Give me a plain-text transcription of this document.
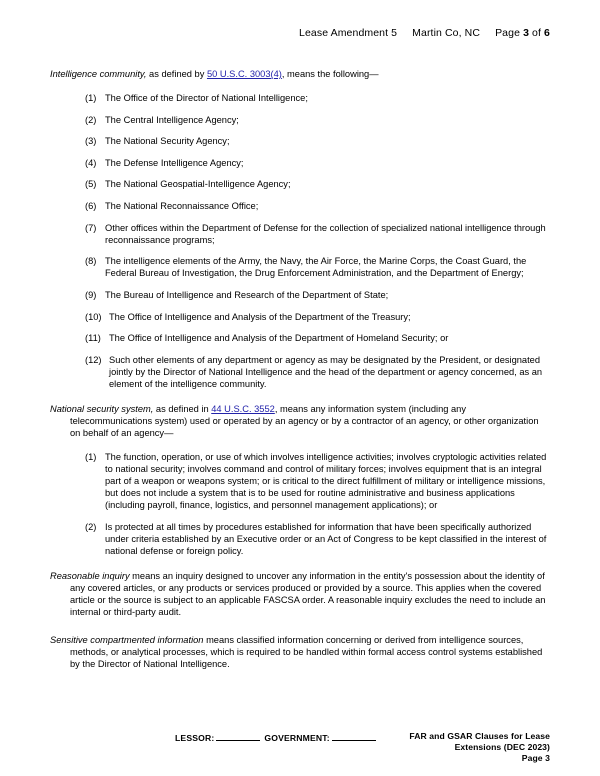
Lease Amendment 5 Martin Co, NC Page 3 of 6

Intelligence community, as defined by 50 U.S.C. 3003(4), means the following—

(1) The Office of the Director of National Intelligence;
(2) The Central Intelligence Agency;
(3) The National Security Agency;
(4) The Defense Intelligence Agency;
(5) The National Geospatial-Intelligence Agency;
(6) The National Reconnaissance Office;
(7) Other offices within the Department of Defense for the collection of specialized national intelligence through reconnaissance programs;
(8) The intelligence elements of the Army, the Navy, the Air Force, the Marine Corps, the Coast Guard, the Federal Bureau of Investigation, the Drug Enforcement Administration, and the Department of Energy;
(9) The Bureau of Intelligence and Research of the Department of State;
(10) The Office of Intelligence and Analysis of the Department of the Treasury;
(11) The Office of Intelligence and Analysis of the Department of Homeland Security; or
(12) Such other elements of any department or agency as may be designated by the President, or designated jointly by the Director of National Intelligence and the head of the department or agency concerned, as an element of the intelligence community.

National security system, as defined in 44 U.S.C. 3552, means any information system (including any telecommunications system) used or operated by an agency or by a contractor of an agency, or other organization on behalf of an agency—

(1) The function, operation, or use of which involves intelligence activities; involves cryptologic activities related to national security; involves command and control of military forces; involves equipment that is an integral part of a weapon or weapons system; or is critical to the direct fulfillment of military or intelligence missions, but does not include a system that is to be used for routine administrative and business applications (including payroll, finance, logistics, and personnel management applications); or
(2) Is protected at all times by procedures established for information that have been specifically authorized under criteria established by an Executive order or an Act of Congress to be kept classified in the interest of national defense or foreign policy.

Reasonable inquiry means an inquiry designed to uncover any information in the entity's possession about the identity of any covered articles, or any products or services produced or provided by a source. This applies when the covered article or the source is subject to an applicable FASCSA order. A reasonable inquiry excludes the need to include an internal or third-party audit.

Sensitive compartmented information means classified information concerning or derived from intelligence sources, methods, or analytical processes, which is required to be handled within formal access control systems established by the Director of National Intelligence.

LESSOR:	GOVERNMENT:	FAR and GSAR Clauses for Lease
Extensions (DEC 2023)
Page 3
